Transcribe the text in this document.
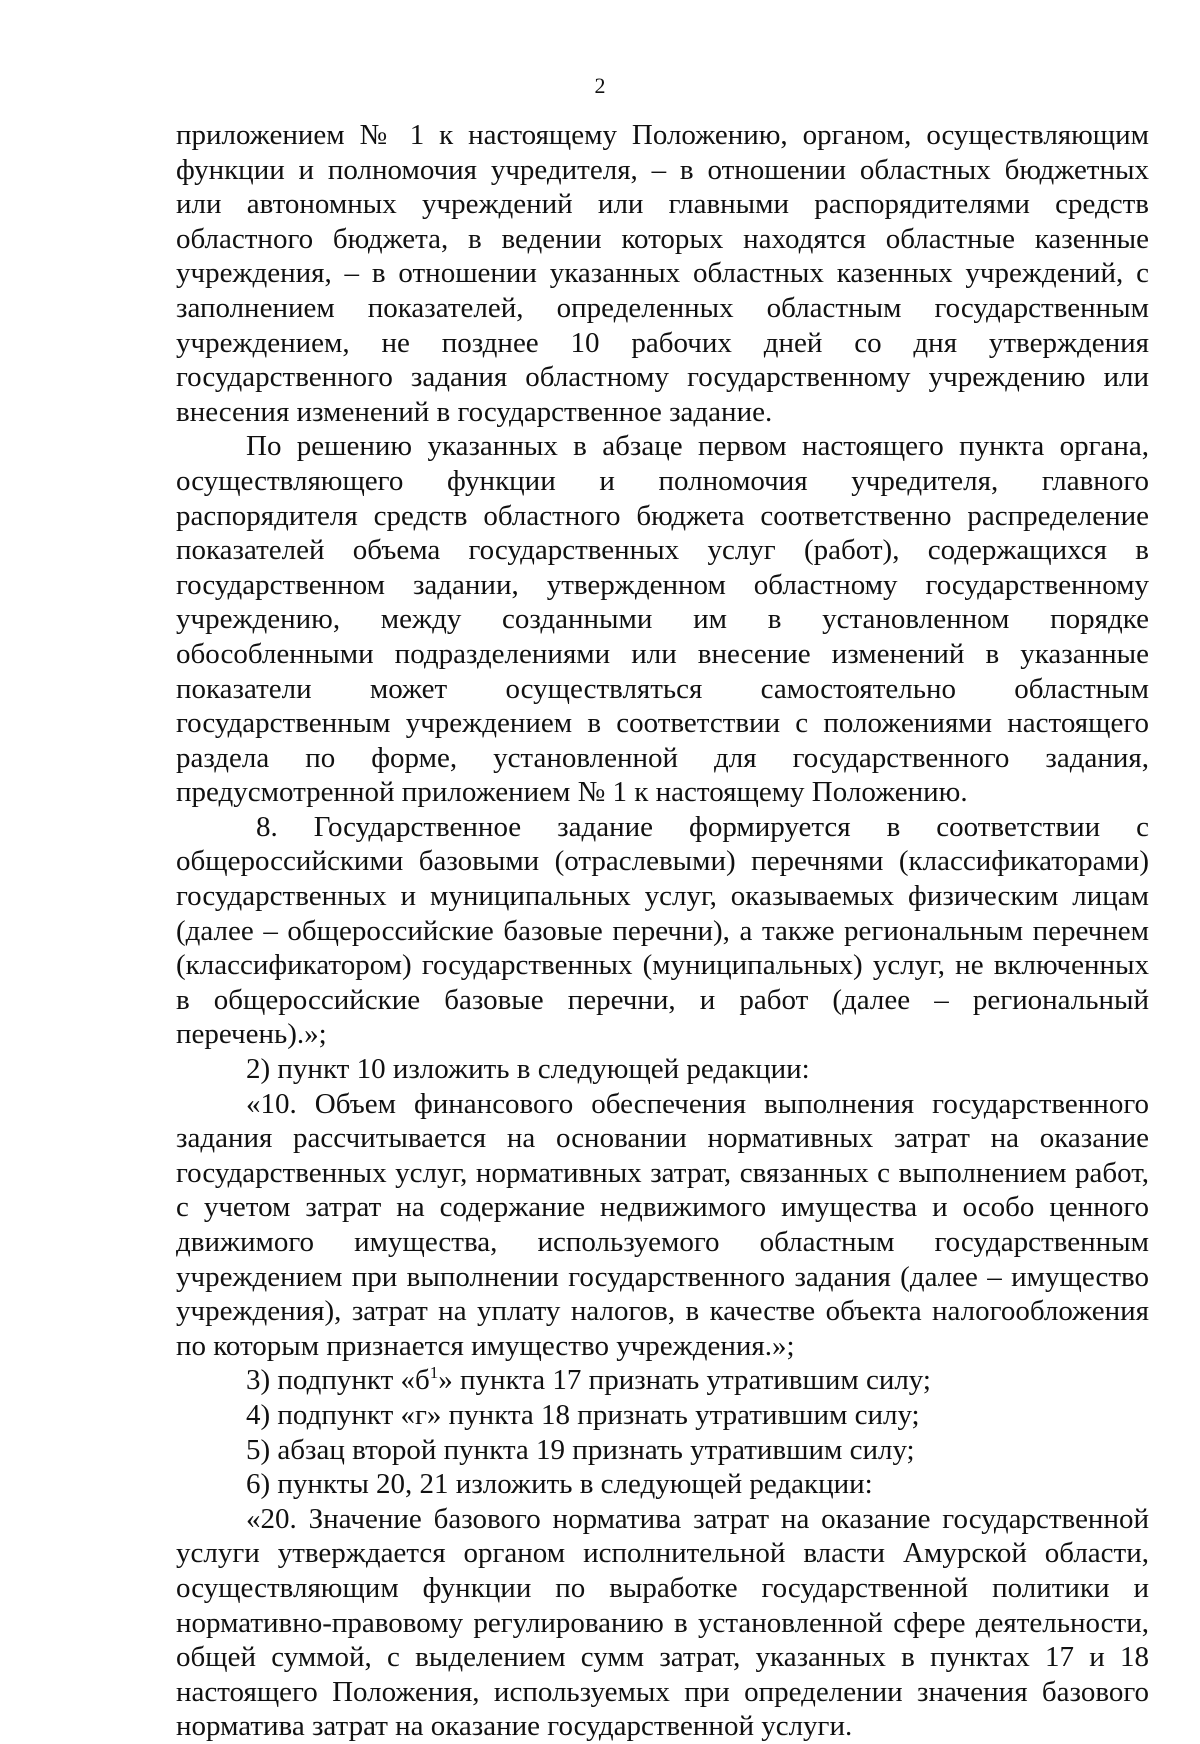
2

приложением № 1 к настоящему Положению, органом, осуществляющим функции и полномочия учредителя, – в отношении областных бюджетных или автономных учреждений или главными распорядителями средств областного бюджета, в ведении которых находятся областные казенные учреждения, – в отношении указанных областных казенных учреждений, с заполнением показателей, определенных областным государственным учреждением, не позднее 10 рабочих дней со дня утверждения государственного задания областному государственному учреждению или внесения изменений в государственное задание.

По решению указанных в абзаце первом настоящего пункта органа, осуществляющего функции и полномочия учредителя, главного распорядителя средств областного бюджета соответственно распределение показателей объема государственных услуг (работ), содержащихся в государственном задании, утвержденном областному государственному учреждению, между созданными им в установленном порядке обособленными подразделениями или внесение изменений в указанные показатели может осуществляться самостоятельно областным государственным учреждением в соответствии с положениями настоящего раздела по форме, установленной для государственного задания, предусмотренной приложением № 1 к настоящему Положению.

8. Государственное задание формируется в соответствии с общероссийскими базовыми (отраслевыми) перечнями (классификаторами) государственных и муниципальных услуг, оказываемых физическим лицам (далее – общероссийские базовые перечни), а также региональным перечнем (классификатором) государственных (муниципальных) услуг, не включенных в общероссийские базовые перечни, и работ (далее – региональный перечень).»;

2) пункт 10 изложить в следующей редакции:

«10. Объем финансового обеспечения выполнения государственного задания рассчитывается на основании нормативных затрат на оказание государственных услуг, нормативных затрат, связанных с выполнением работ, с учетом затрат на содержание недвижимого имущества и особо ценного движимого имущества, используемого областным государственным учреждением при выполнении государственного задания (далее – имущество учреждения), затрат на уплату налогов, в качестве объекта налогообложения по которым признается имущество учреждения.»;

3) подпункт «$б^1$» пункта 17 признать утратившим силу;

4) подпункт «г» пункта 18 признать утратившим силу;

5) абзац второй пункта 19 признать утратившим силу;

6) пункты 20, 21 изложить в следующей редакции:

«20. Значение базового норматива затрат на оказание государственной услуги утверждается органом исполнительной власти Амурской области, осуществляющим функции по выработке государственной политики и нормативно-правовому регулированию в установленной сфере деятельности, общей суммой, с выделением сумм затрат, указанных в пунктах 17 и 18 настоящего Положения, используемых при определении значения базового норматива затрат на оказание государственной услуги.
